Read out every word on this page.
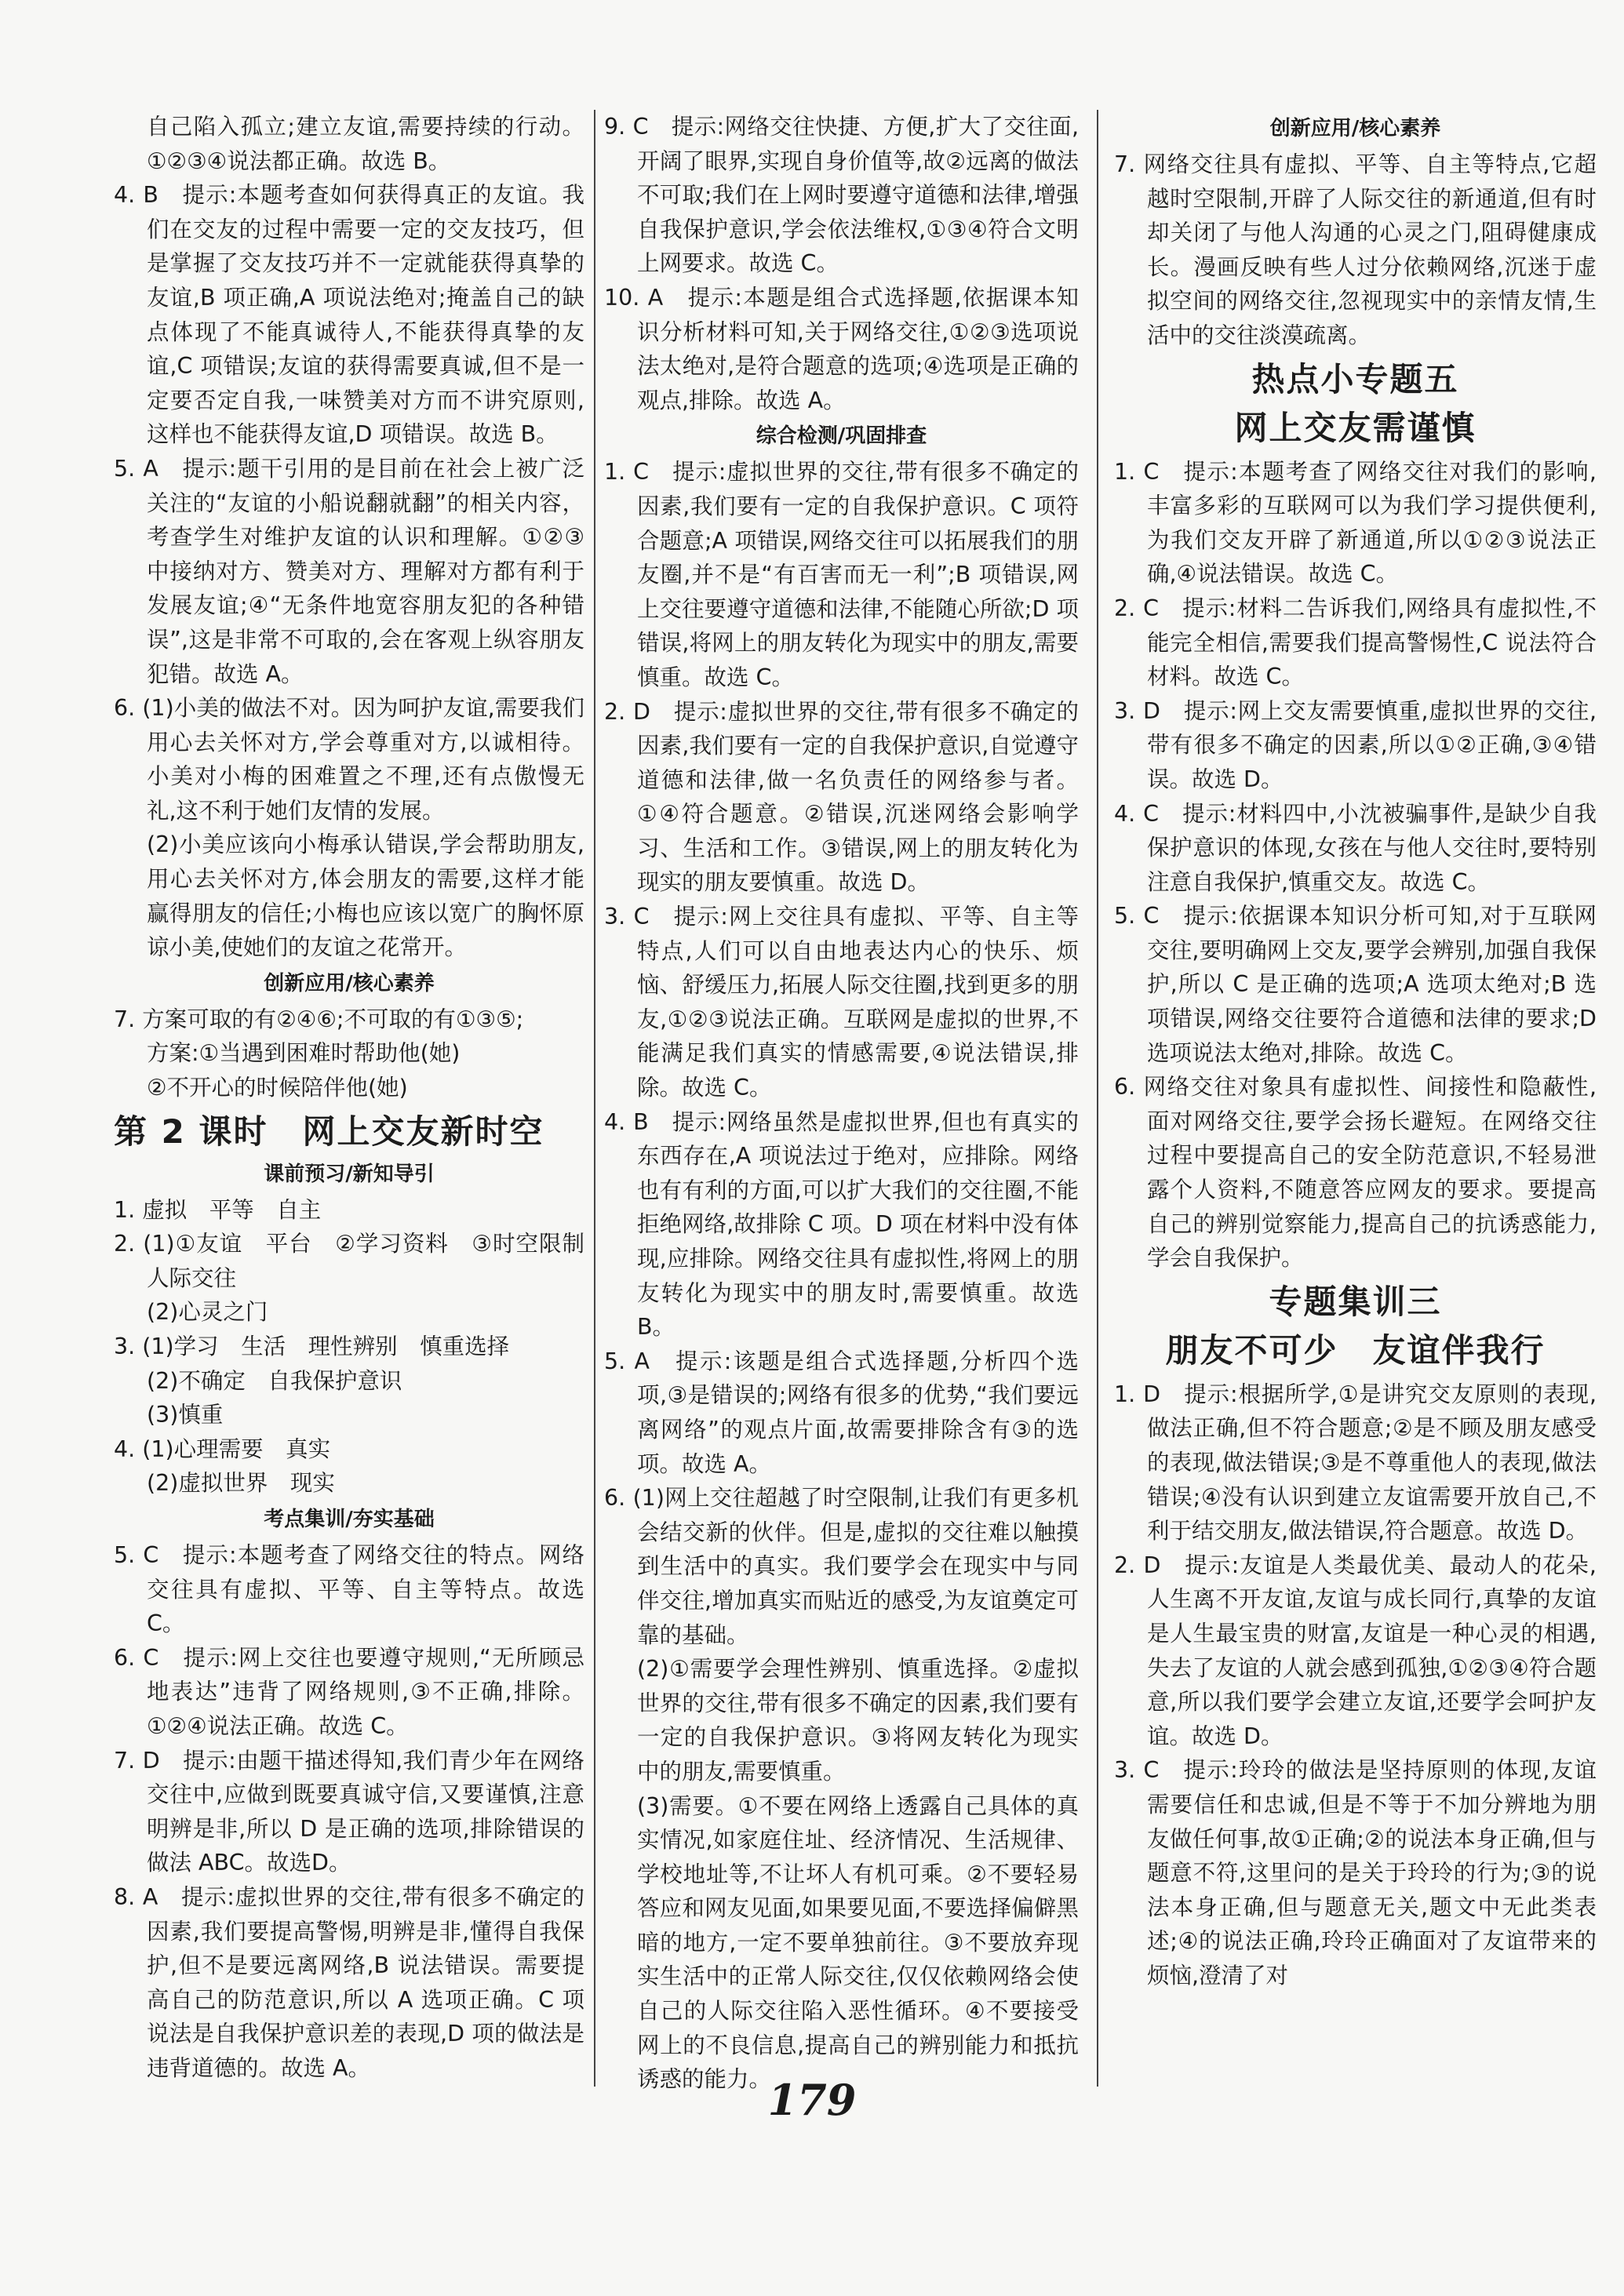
自己陷入孤立;建立友谊,需要持续的行动。①②③④说法都正确。故选 B。

4. B　提示:本题考查如何获得真正的友谊。我们在交友的过程中需要一定的交友技巧，但是掌握了交友技巧并不一定就能获得真挚的友谊,B 项正确,A 项说法绝对;掩盖自己的缺点体现了不能真诚待人,不能获得真挚的友谊,C 项错误;友谊的获得需要真诚,但不是一定要否定自我,一味赞美对方而不讲究原则,这样也不能获得友谊,D 项错误。故选 B。

5. A　提示:题干引用的是目前在社会上被广泛关注的“友谊的小船说翻就翻”的相关内容，考查学生对维护友谊的认识和理解。①②③中接纳对方、赞美对方、理解对方都有利于发展友谊;④“无条件地宽容朋友犯的各种错误”,这是非常不可取的,会在客观上纵容朋友犯错。故选 A。

6. (1)小美的做法不对。因为呵护友谊,需要我们用心去关怀对方,学会尊重对方,以诚相待。小美对小梅的困难置之不理,还有点傲慢无礼,这不利于她们友情的发展。

(2)小美应该向小梅承认错误,学会帮助朋友,用心去关怀对方,体会朋友的需要,这样才能赢得朋友的信任;小梅也应该以宽广的胸怀原谅小美,使她们的友谊之花常开。

创新应用/核心素养

7. 方案可取的有②④⑥;不可取的有①③⑤;

方案:①当遇到困难时帮助他(她)

②不开心的时候陪伴他(她)

第 2 课时　网上交友新时空

课前预习/新知导引

1. 虚拟　平等　自主

2. (1)①友谊　平台　②学习资料　③时空限制　人际交往

(2)心灵之门

3. (1)学习　生活　理性辨别　慎重选择

(2)不确定　自我保护意识

(3)慎重

4. (1)心理需要　真实

(2)虚拟世界　现实

考点集训/夯实基础

5. C　提示:本题考查了网络交往的特点。网络交往具有虚拟、平等、自主等特点。故选 C。

6. C　提示:网上交往也要遵守规则,“无所顾忌地表达”违背了网络规则,③不正确,排除。①②④说法正确。故选 C。

7. D　提示:由题干描述得知,我们青少年在网络交往中,应做到既要真诚守信,又要谨慎,注意明辨是非,所以 D 是正确的选项,排除错误的做法 ABC。故选D。

8. A　提示:虚拟世界的交往,带有很多不确定的因素,我们要提高警惕,明辨是非,懂得自我保护,但不是要远离网络,B 说法错误。需要提高自己的防范意识,所以 A 选项正确。C 项说法是自我保护意识差的表现,D 项的做法是违背道德的。故选 A。

9. C　提示:网络交往快捷、方便,扩大了交往面,开阔了眼界,实现自身价值等,故②远离的做法不可取;我们在上网时要遵守道德和法律,增强自我保护意识,学会依法维权,①③④符合文明上网要求。故选 C。

10. A　提示:本题是组合式选择题,依据课本知识分析材料可知,关于网络交往,①②③选项说法太绝对,是符合题意的选项;④选项是正确的观点,排除。故选 A。

综合检测/巩固排查

1. C　提示:虚拟世界的交往,带有很多不确定的因素,我们要有一定的自我保护意识。C 项符合题意;A 项错误,网络交往可以拓展我们的朋友圈,并不是“有百害而无一利”;B 项错误,网上交往要遵守道德和法律,不能随心所欲;D 项错误,将网上的朋友转化为现实中的朋友,需要慎重。故选 C。

2. D　提示:虚拟世界的交往,带有很多不确定的因素,我们要有一定的自我保护意识,自觉遵守道德和法律,做一名负责任的网络参与者。①④符合题意。②错误,沉迷网络会影响学习、生活和工作。③错误,网上的朋友转化为现实的朋友要慎重。故选 D。

3. C　提示:网上交往具有虚拟、平等、自主等特点,人们可以自由地表达内心的快乐、烦恼、舒缓压力,拓展人际交往圈,找到更多的朋友,①②③说法正确。互联网是虚拟的世界,不能满足我们真实的情感需要,④说法错误,排除。故选 C。

4. B　提示:网络虽然是虚拟世界,但也有真实的东西存在,A 项说法过于绝对，应排除。网络也有有利的方面,可以扩大我们的交往圈,不能拒绝网络,故排除 C 项。D 项在材料中没有体现,应排除。网络交往具有虚拟性,将网上的朋友转化为现实中的朋友时,需要慎重。故选 B。

5. A　提示:该题是组合式选择题,分析四个选项,③是错误的;网络有很多的优势,“我们要远离网络”的观点片面,故需要排除含有③的选项。故选 A。

6. (1)网上交往超越了时空限制,让我们有更多机会结交新的伙伴。但是,虚拟的交往难以触摸到生活中的真实。我们要学会在现实中与同伴交往,增加真实而贴近的感受,为友谊奠定可靠的基础。

(2)①需要学会理性辨别、慎重选择。②虚拟世界的交往,带有很多不确定的因素,我们要有一定的自我保护意识。③将网友转化为现实中的朋友,需要慎重。

(3)需要。①不要在网络上透露自己具体的真实情况,如家庭住址、经济情况、生活规律、学校地址等,不让坏人有机可乘。②不要轻易答应和网友见面,如果要见面,不要选择偏僻黑暗的地方,一定不要单独前往。③不要放弃现实生活中的正常人际交往,仅仅依赖网络会使自己的人际交往陷入恶性循环。④不要接受网上的不良信息,提高自己的辨别能力和抵抗诱惑的能力。

创新应用/核心素养

7. 网络交往具有虚拟、平等、自主等特点,它超越时空限制,开辟了人际交往的新通道,但有时却关闭了与他人沟通的心灵之门,阻碍健康成长。漫画反映有些人过分依赖网络,沉迷于虚拟空间的网络交往,忽视现实中的亲情友情,生活中的交往淡漠疏离。

热点小专题五

网上交友需谨慎

1. C　提示:本题考查了网络交往对我们的影响,丰富多彩的互联网可以为我们学习提供便利,为我们交友开辟了新通道,所以①②③说法正确,④说法错误。故选 C。

2. C　提示:材料二告诉我们,网络具有虚拟性,不能完全相信,需要我们提高警惕性,C 说法符合材料。故选 C。

3. D　提示:网上交友需要慎重,虚拟世界的交往,带有很多不确定的因素,所以①②正确,③④错误。故选 D。

4. C　提示:材料四中,小沈被骗事件,是缺少自我保护意识的体现,女孩在与他人交往时,要特别注意自我保护,慎重交友。故选 C。

5. C　提示:依据课本知识分析可知,对于互联网交往,要明确网上交友,要学会辨别,加强自我保护,所以 C 是正确的选项;A 选项太绝对;B 选项错误,网络交往要符合道德和法律的要求;D 选项说法太绝对,排除。故选 C。

6. 网络交往对象具有虚拟性、间接性和隐蔽性,面对网络交往,要学会扬长避短。在网络交往过程中要提高自己的安全防范意识,不轻易泄露个人资料,不随意答应网友的要求。要提高自己的辨别觉察能力,提高自己的抗诱惑能力,学会自我保护。

专题集训三

朋友不可少　友谊伴我行

1. D　提示:根据所学,①是讲究交友原则的表现,做法正确,但不符合题意;②是不顾及朋友感受的表现,做法错误;③是不尊重他人的表现,做法错误;④没有认识到建立友谊需要开放自己,不利于结交朋友,做法错误,符合题意。故选 D。

2. D　提示:友谊是人类最优美、最动人的花朵,人生离不开友谊,友谊与成长同行,真挚的友谊是人生最宝贵的财富,友谊是一种心灵的相遇,失去了友谊的人就会感到孤独,①②③④符合题意,所以我们要学会建立友谊,还要学会呵护友谊。故选 D。

3. C　提示:玲玲的做法是坚持原则的体现,友谊需要信任和忠诚,但是不等于不加分辨地为朋友做任何事,故①正确;②的说法本身正确,但与题意不符,这里问的是关于玲玲的行为;③的说法本身正确,但与题意无关,题文中无此类表述;④的说法正确,玲玲正确面对了友谊带来的烦恼,澄清了对

179
